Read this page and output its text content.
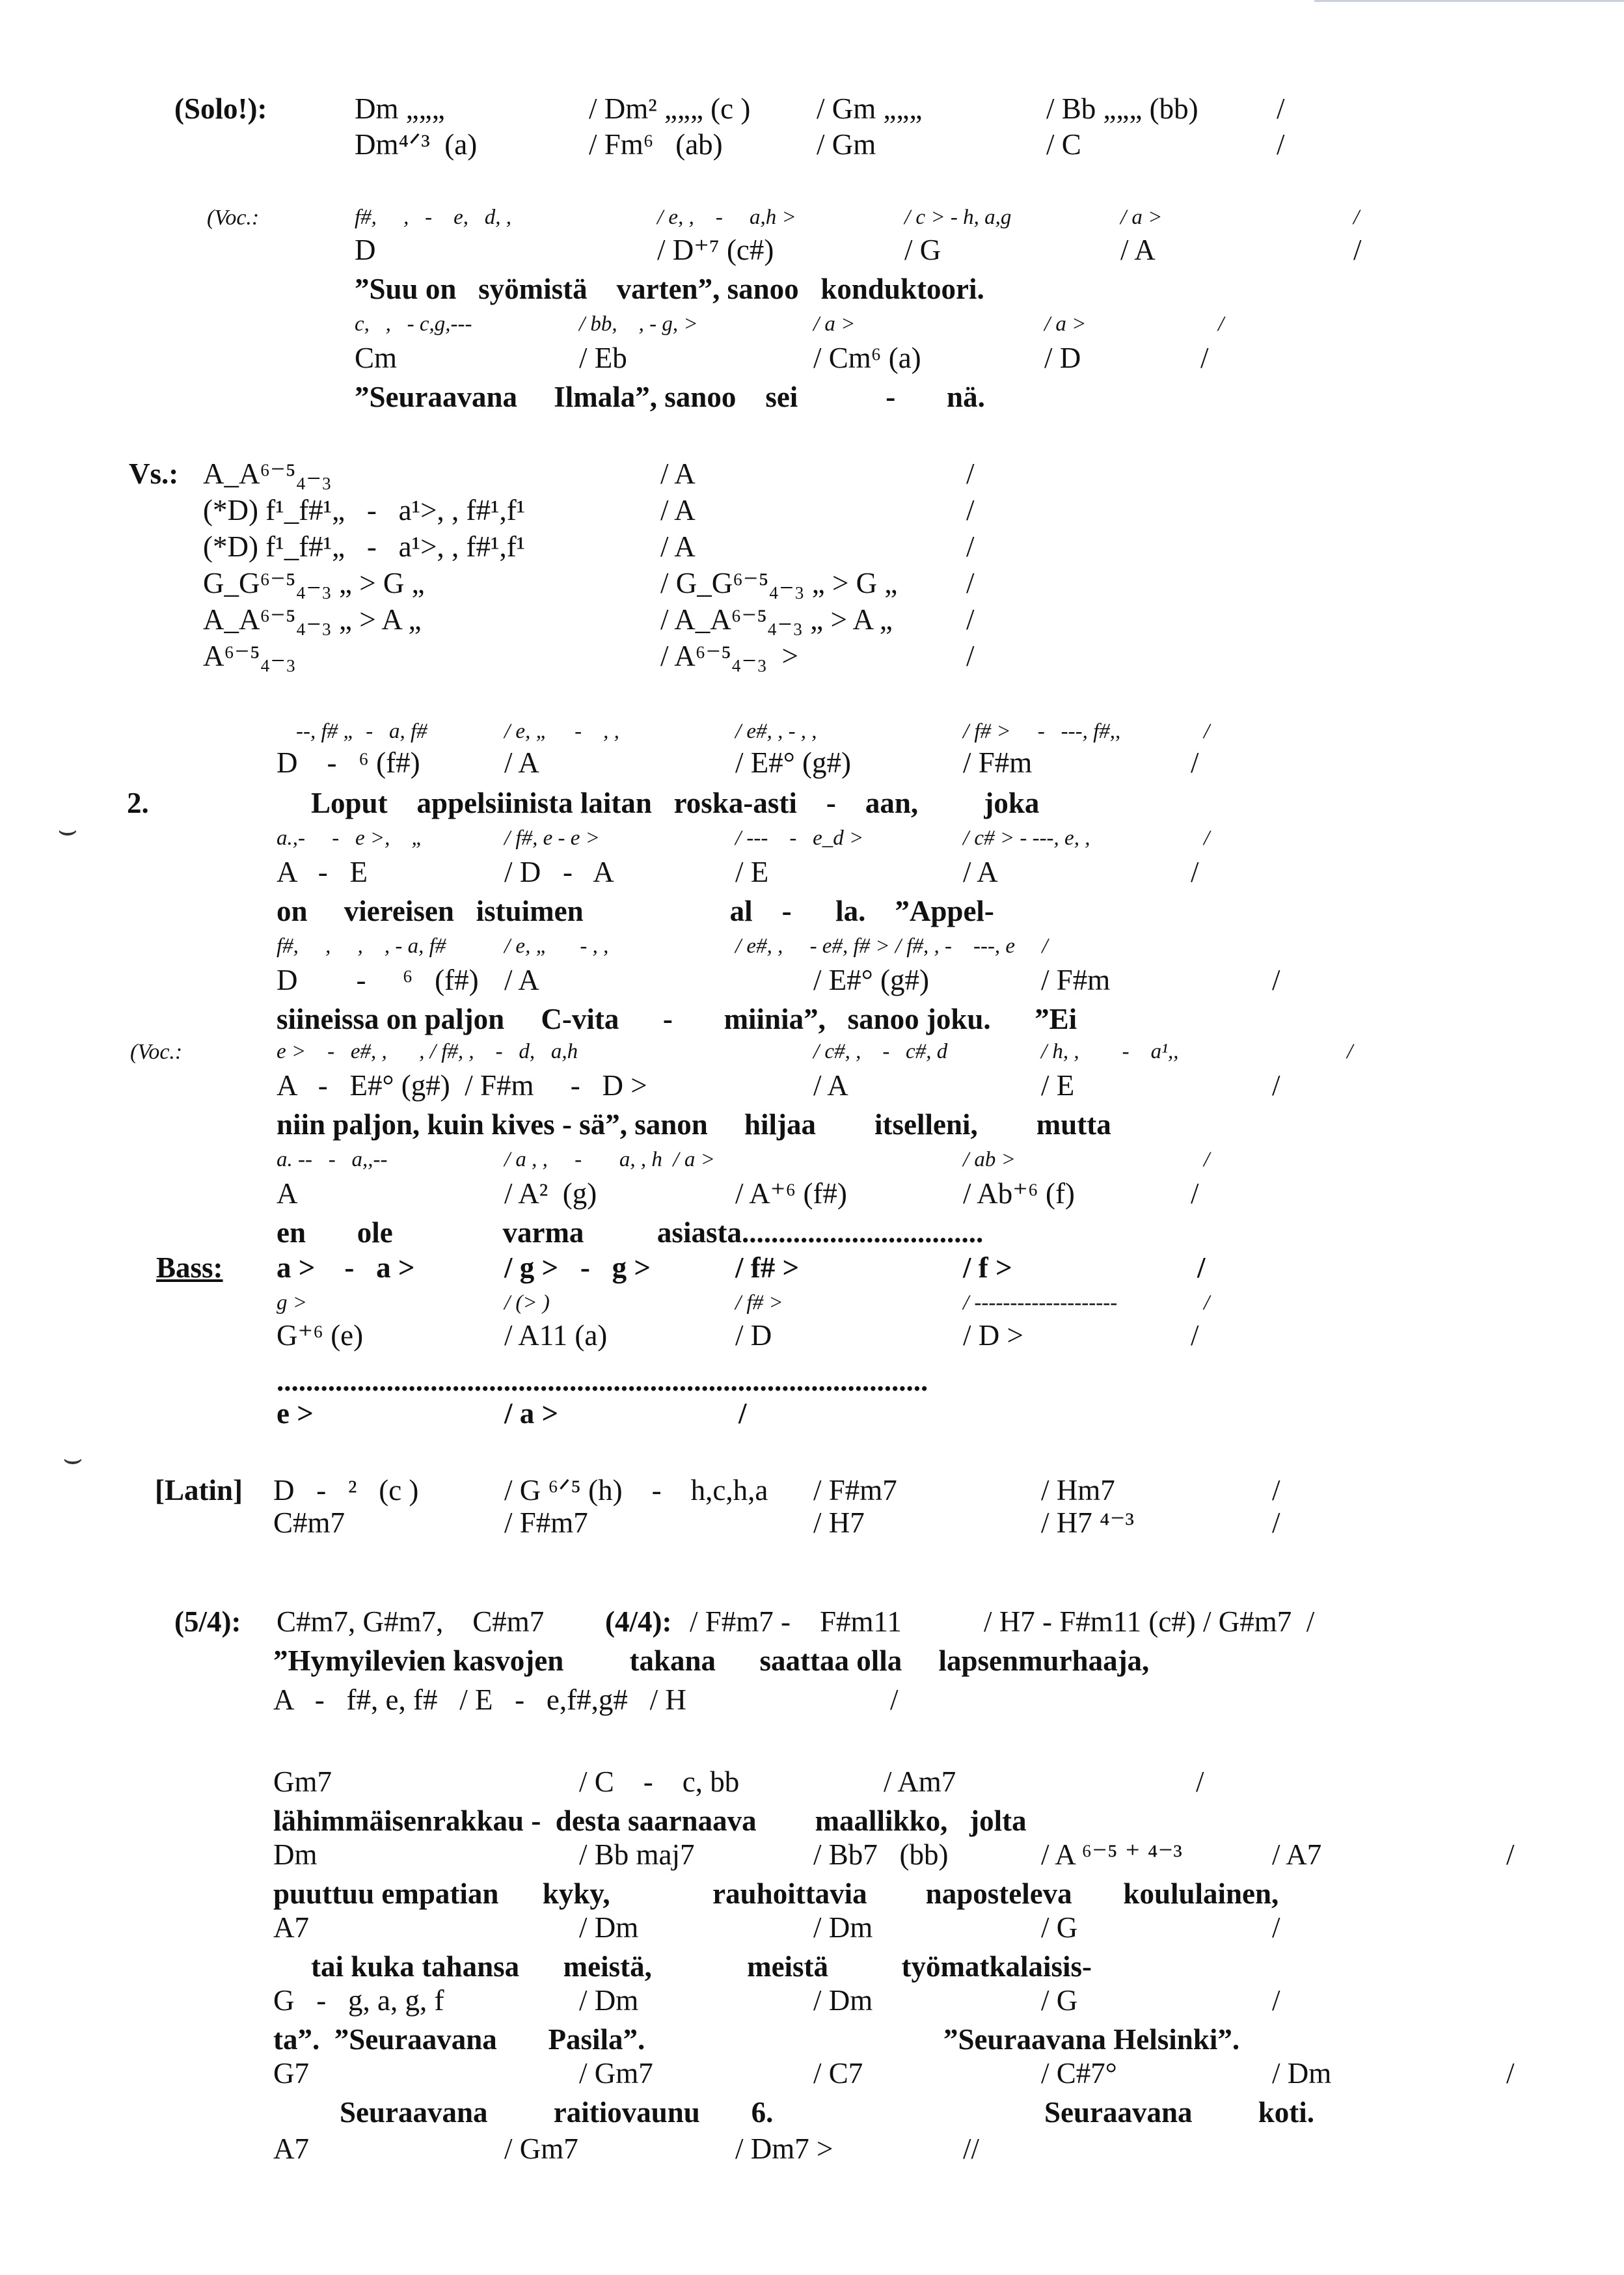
⌣
⌣
(Solo!):	Dm „„„	/ Dm² „„„ (c ) / Gm „„„	/ Bb „„„ (bb)	/
Dm⁴ᐟ³  (a)	/ Fm⁶   (ab)	/ Gm	/ C	/
(Voc.:	f#,     ,   -    e,   d, ,	/ e, ,    -     a,h >	/ c > - h, a,g	/ a >	/
D	/ D⁺⁷ (c#)	/ G	/ A	/
”Suu on   syömistä    varten”, sanoo   konduktoori.
c,   ,   - c,g,---	/ bb,    , - g, >	/ a >	/ a >	/
Cm	/ Eb	/ Cm⁶ (a)	/ D	/
”Seuraavana     Ilmala”, sanoo    sei            -       nä.
Vs.: A_A⁶⁻⁵₄₋₃	/ A	/
(*D) f¹_f#¹„   -   a¹>, , f#¹,f¹	/ A	/
(*D) f¹_f#¹„   -   a¹>, , f#¹,f¹	/ A	/
G_G⁶⁻⁵₄₋₃ „ > G „	/ G_G⁶⁻⁵₄₋₃ „ > G „ /
A_A⁶⁻⁵₄₋₃ „ > A „	/ A_A⁶⁻⁵₄₋₃ „ > A „	/
A⁶⁻⁵₄₋₃	/ A⁶⁻⁵₄₋₃  >	/
--, f# „  -   a, f#	/ e, „     -    , ,	/ e#, , - , ,	/ f# >     -   ---, f#,,	/
D    -   ⁶ (f#)	/ A	/ E#° (g#)	/ F#m	/
2.	Loput    appelsiinista laitan   roska-asti    -    aan,         joka
a.,-     -   e >,    „	/ f#, e - e >	/ ---    -   e_d >	/ c# > - ---, e, ,	/
A   -   E	/ D   -   A	/ E	/ A	/
on     viereisen   istuimen                    al    -      la.    ”Appel-
f#,     ,     ,    , - a, f#	/ e, „      - , ,	/ e#, ,     - e#, f# > / f#, , -    ---, e     /
D        -     ⁶   (f#) / A	/ E#° (g#)	/ F#m	/
siineissa on paljon     C-vita      -       miinia”,   sanoo joku.      ”Ei
(Voc.:	e >    -   e#, ,      , / f#, ,    -   d,   a,h	/ c#, ,    -   c#, d	/ h, ,        -    a¹,,	/
A   -   E#° (g#)  / F#m     -   D >	/ A	/ E	/
niin paljon, kuin kives - sä”, sanon     hiljaa        itselleni,        mutta
a. --   -   a,,--	/ a , ,     -       a, , h  / a >	/ ab >	/
A	/ A²  (g)	/ A⁺⁶ (f#)	/ Ab⁺⁶ (f)	/
en       ole               varma          asiasta.................................
Bass: a >    -   a >	/ g >   -   g >	/ f# >	/ f >	/
g >	/ (> )	/ f# >	/ --------------------	/
G⁺⁶ (e)	/ A11 (a)	/ D	/ D >	/
.........................................................................................
e >	/ a >	/
[Latin] D   -   ²   (c )	/ G ⁶ᐟ⁵ (h)    -    h,c,h,a / F#m7	/ Hm7	/
C#m7	/ F#m7	/ H7	/ H7 ⁴⁻³	/
(5/4): C#m7, G#m7,    C#m7 (4/4): / F#m7 -    F#m11	/ H7 - F#m11 (c#) / G#m7  /
”Hymyilevien kasvojen         takana      saattaa olla     lapsenmurhaaja,
A   -   f#, e, f#   / E   -   e,f#,g#   / H	/
Gm7	/ C    -    c, bb	/ Am7	/
lähimmäisenrakkau -  desta saarnaava        maallikko,   jolta
Dm	/ Bb maj7	/ Bb7   (bb)	/ A ⁶⁻⁵ ⁺ ⁴⁻³	/ A7	/
puuttuu empatian      kyky,              rauhoittavia        naposteleva       koululainen,
A7	/ Dm	/ Dm	/ G	/
tai kuka tahansa      meistä,             meistä          työmatkalaisis-
G   -   g, a, g, f	/ Dm	/ Dm	/ G	/
ta”.  ”Seuraavana       Pasila”.	”Seuraavana Helsinki”.
G7	/ Gm7	/ C7	/ C#7°	/ Dm	/
Seuraavana         raitiovaunu       6.	Seuraavana         koti.
A7	/ Gm7	/ Dm7 >	//
